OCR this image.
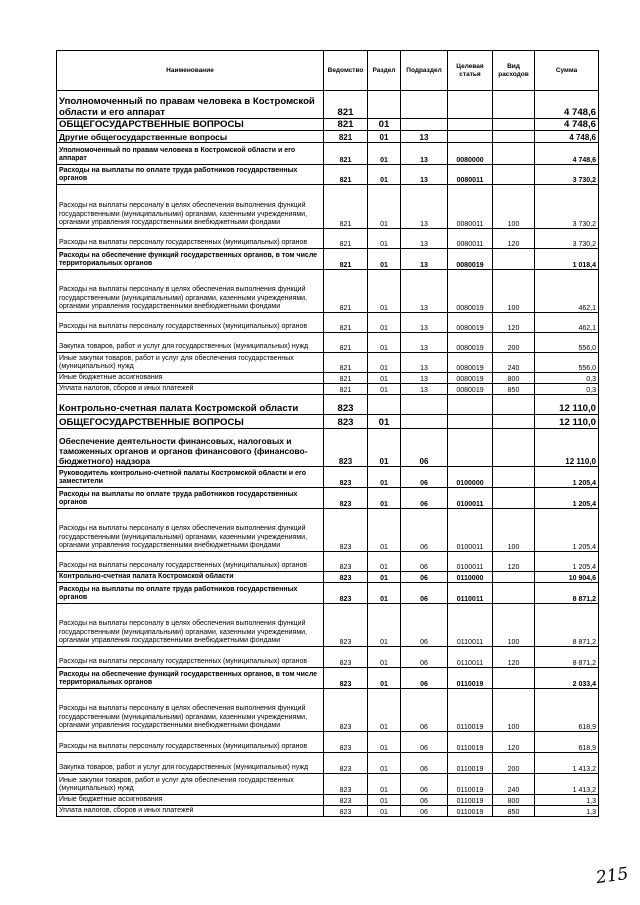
Наименование	Ведомство	Раздел	Подраздел	Целевая статья	Вид расходов	Сумма
Уполномоченный по правам человека в Костромской области и его аппарат	821					4 748,6
ОБЩЕГОСУДАРСТВЕННЫЕ ВОПРОСЫ	821	01				4 748,6
Другие общегосударственные вопросы	821	01	13			4 748,6
Уполномоченный по правам человека в Костромской области и его аппарат	821	01	13	0080000		4 748,6
Расходы на выплаты по оплате труда работников государственных органов	821	01	13	0080011		3 730,2
Расходы на выплаты персоналу в целях обеспечения выполнения функций государственными (муниципальными) органами, казенными учреждениями, органами управления государственными внебюджетными фондами	821	01	13	0080011	100	3 730,2
Расходы на выплаты персоналу государственных (муниципальных) органов	821	01	13	0080011	120	3 730,2
Расходы на обеспечение функций государственных органов, в том числе территориальных органов	821	01	13	0080019		1 018,4
Расходы на выплаты персоналу в целях обеспечения выполнения функций государственными (муниципальными) органами, казенными учреждениями, органами управления государственными внебюджетными фондами	821	01	13	0080019	100	462,1
Расходы на выплаты персоналу государственных (муниципальных) органов	821	01	13	0080019	120	462,1
Закупка товаров, работ и услуг для государственных (муниципальных) нужд	821	01	13	0080019	200	556,0
Иные закупки товаров, работ и услуг для обеспечения государственных (муниципальных) нужд	821	01	13	0080019	240	556,0
Иные бюджетные ассигнования	821	01	13	0080019	800	0,3
Уплата налогов, сборов и иных платежей	821	01	13	0080019	850	0,3
Контрольно-счетная палата Костромской области	823					12 110,0
ОБЩЕГОСУДАРСТВЕННЫЕ ВОПРОСЫ	823	01				12 110,0
Обеспечение деятельности финансовых, налоговых и таможенных органов и органов финансового (финансово-бюджетного) надзора	823	01	06			12 110,0
Руководитель контрольно-счетной палаты Костромской области и его заместители	823	01	06	0100000		1 205,4
Расходы на выплаты по оплате труда работников государственных органов	823	01	06	0100011		1 205,4
Расходы на выплаты персоналу в целях обеспечения выполнения функций государственными (муниципальными) органами, казенными учреждениями, органами управления государственными внебюджетными фондами	823	01	06	0100011	100	1 205,4
Расходы на выплаты персоналу государственных (муниципальных) органов	823	01	06	0100011	120	1 205,4
Контрольно-счетная палата Костромской области	823	01	06	0110000		10 904,6
Расходы на выплаты по оплате труда работников государственных органов	823	01	06	0110011		8 871,2
Расходы на выплаты персоналу в целях обеспечения выполнения функций государственными (муниципальными) органами, казенными учреждениями, органами управления государственными внебюджетными фондами	823	01	06	0110011	100	8 871,2
Расходы на выплаты персоналу государственных (муниципальных) органов	823	01	06	0110011	120	8 871,2
Расходы на обеспечение функций государственных органов, в том числе территориальных органов	823	01	06	0110019		2 033,4
Расходы на выплаты персоналу в целях обеспечения выполнения функций государственными (муниципальными) органами, казенными учреждениями, органами управления государственными внебюджетными фондами	823	01	06	0110019	100	618,9
Расходы на выплаты персоналу государственных (муниципальных) органов	823	01	06	0110019	120	618,9
Закупка товаров, работ и услуг для государственных (муниципальных) нужд	823	01	06	0110019	200	1 413,2
Иные закупки товаров, работ и услуг для обеспечения государственных (муниципальных) нужд	823	01	06	0110019	240	1 413,2
Иные бюджетные ассигнования	823	01	06	0110019	800	1,3
Уплата налогов, сборов и иных платежей	823	01	06	0110019	850	1,3
215
